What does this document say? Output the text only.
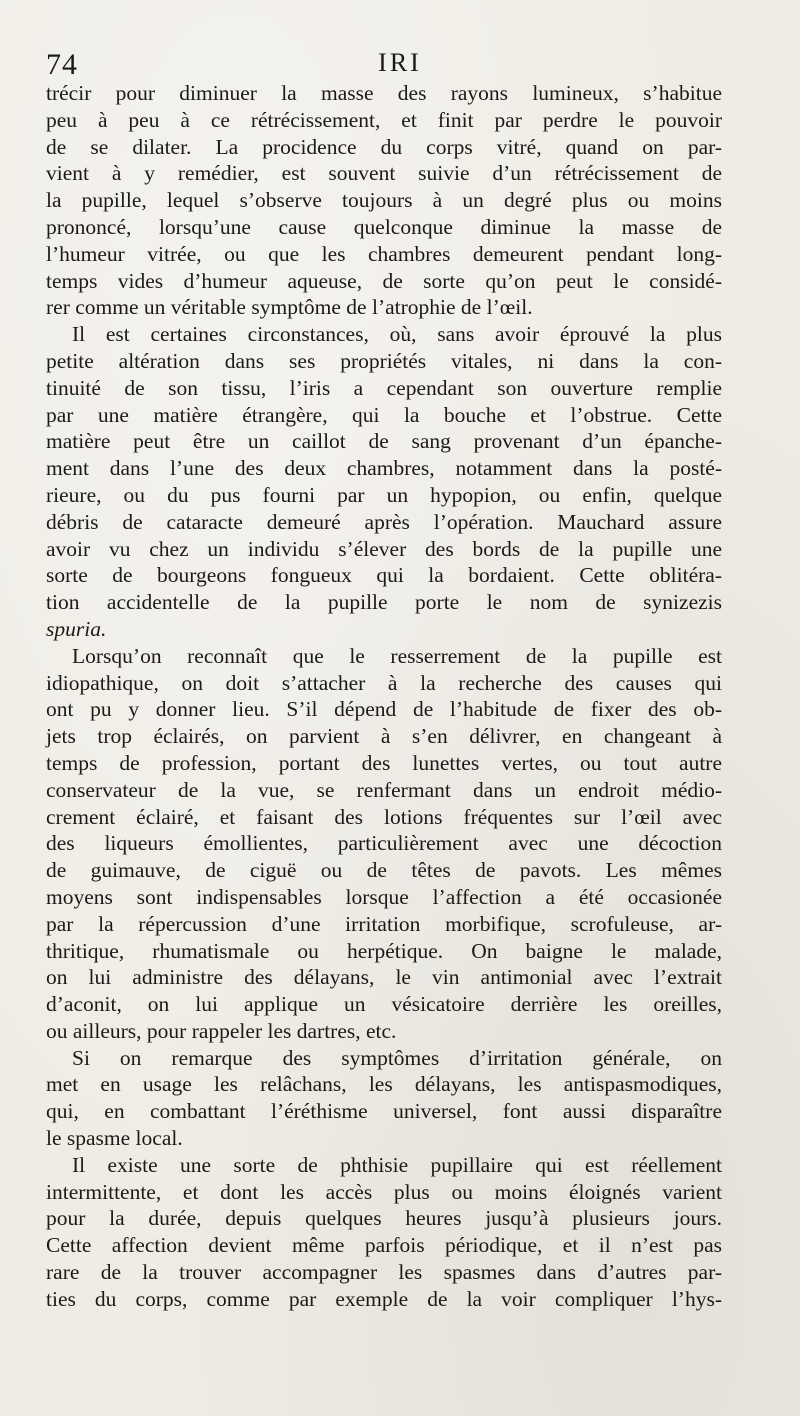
74	IRI
trécir pour diminuer la masse des rayons lumineux, s’habitue
peu à peu à ce rétrécissement, et finit par perdre le pouvoir
de se dilater. La procidence du corps vitré, quand on par-
vient à y remédier, est souvent suivie d’un rétrécissement de
la pupille, lequel s’observe toujours à un degré plus ou moins
prononcé, lorsqu’une cause quelconque diminue la masse de
l’humeur vitrée, ou que les chambres demeurent pendant long-
temps vides d’humeur aqueuse, de sorte qu’on peut le considé-
rer comme un véritable symptôme de l’atrophie de l’œil.
Il est certaines circonstances, où, sans avoir éprouvé la plus
petite altération dans ses propriétés vitales, ni dans la con-
tinuité de son tissu, l’iris a cependant son ouverture remplie
par une matière étrangère, qui la bouche et l’obstrue. Cette
matière peut être un caillot de sang provenant d’un épanche-
ment dans l’une des deux chambres, notamment dans la posté-
rieure, ou du pus fourni par un hypopion, ou enfin, quelque
débris de cataracte demeuré après l’opération. Mauchard assure
avoir vu chez un individu s’élever des bords de la pupille une
sorte de bourgeons fongueux qui la bordaient. Cette oblitéra-
tion accidentelle de la pupille porte le nom de synizezis
spuria.
Lorsqu’on reconnaît que le resserrement de la pupille est
idiopathique, on doit s’attacher à la recherche des causes qui
ont pu y donner lieu. S’il dépend de l’habitude de fixer des ob-
jets trop éclairés, on parvient à s’en délivrer, en changeant à
temps de profession, portant des lunettes vertes, ou tout autre
conservateur de la vue, se renfermant dans un endroit médio-
crement éclairé, et faisant des lotions fréquentes sur l’œil avec
des liqueurs émollientes, particulièrement avec une décoction
de guimauve, de ciguë ou de têtes de pavots. Les mêmes
moyens sont indispensables lorsque l’affection a été occasionée
par la répercussion d’une irritation morbifique, scrofuleuse, ar-
thritique, rhumatismale ou herpétique. On baigne le malade,
on lui administre des délayans, le vin antimonial avec l’extrait
d’aconit, on lui applique un vésicatoire derrière les oreilles,
ou ailleurs, pour rappeler les dartres, etc.
Si on remarque des symptômes d’irritation générale, on
met en usage les relâchans, les délayans, les antispasmodiques,
qui, en combattant l’éréthisme universel, font aussi disparaître
le spasme local.
Il existe une sorte de phthisie pupillaire qui est réellement
intermittente, et dont les accès plus ou moins éloignés varient
pour la durée, depuis quelques heures jusqu’à plusieurs jours.
Cette affection devient même parfois périodique, et il n’est pas
rare de la trouver accompagner les spasmes dans d’autres par-
ties du corps, comme par exemple de la voir compliquer l’hys-
